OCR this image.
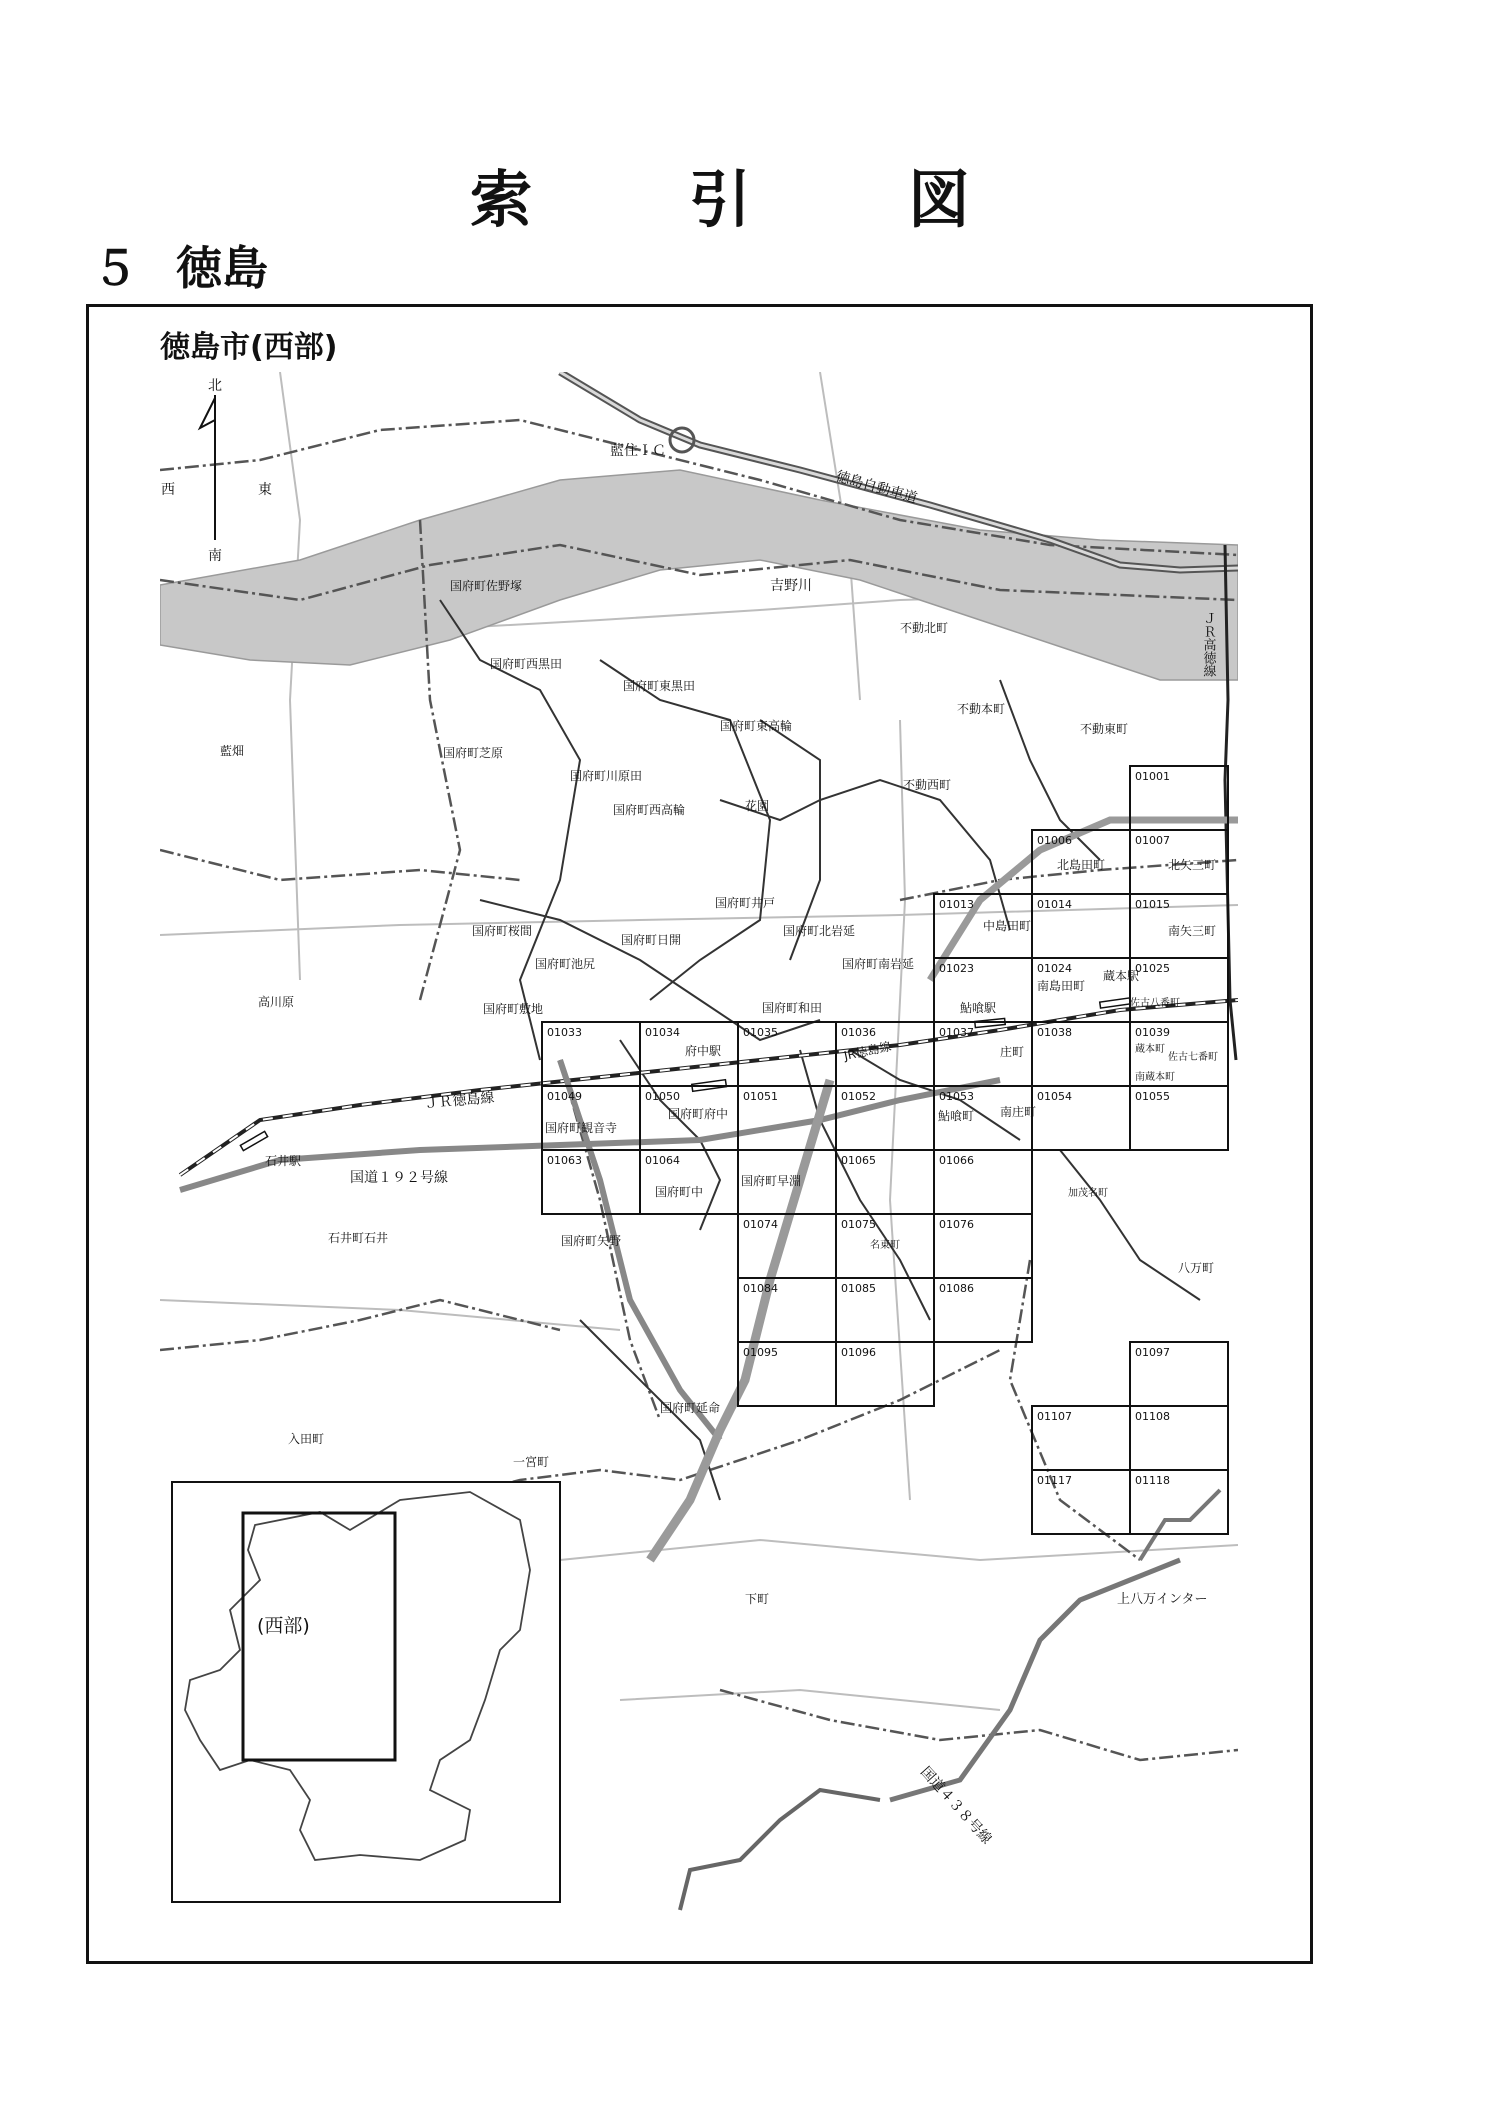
索	引	図
５ 徳島
徳島市(西部)
北
南
東
西
01001
01006	01007
01013	01014	01015
01023	01024	01025
01033	01034	01035	01036	01037	01038	01039
01049	01050	01051	01052	01053	01054	01055
01063	01064	01065	01066
01074	01075	01076
01084	01085	01086
01095	01096	01097
01107	01108
01117	01118
藍住ＩＣ
徳島自動車道
吉野川
ＪＲ高徳線
国府町佐野塚
国府町西黒田
国府町東黒田
国府町東高輪
藍畑	国府町芝原
国府町川原田
国府町西高輪	花園
不動北町
不動本町
不動東町
不動西町
北島田町	北矢三町
中島田町	南矢三町
南島田町
国府町桜間
国府町日開
国府町井戸
国府町北岩延
国府町南岩延
国府町池尻
高川原	国府町敷地	国府町和田
府中駅	JR徳島線
鮎喰駅
蔵本駅
佐古八番町
庄町	蔵本町
佐古七番町
南蔵本町
ＪＲ徳島線
石井駅
国道１９２号線
国府町観音寺
国府町府中	鮎喰町 南庄町
国府町早淵
国府町中	加茂名町
石井町石井	国府町矢野	名東町
八万町
国府町延命
入田町
一宮町
下町	上八万インター
国道４３８号線
(西部)
